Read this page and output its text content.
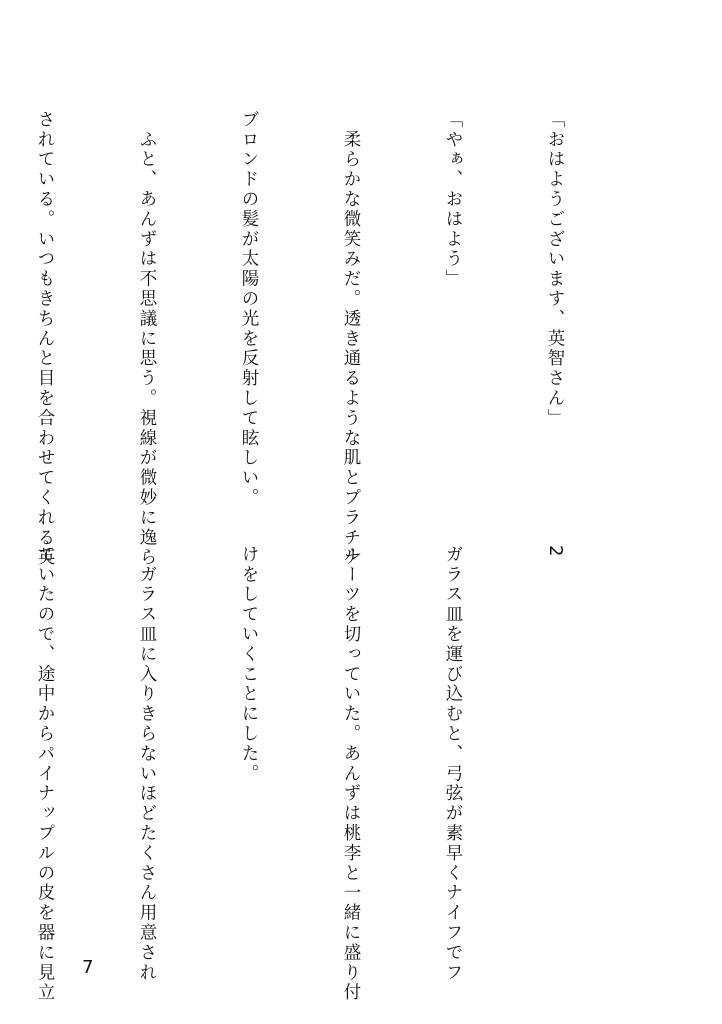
「おはようございます、英智さん」

「やぁ、おはよう」

　柔らかな微笑みだ。透き通るような肌とプラチナ

ブロンドの髪が太陽の光を反射して眩しい。

　ふと、あんずは不思議に思う。視線が微妙に逸ら

されている。いつもきちんと目を合わせてくれる英

	2

ガラス皿を運び込むと、弓弦が素早くナイフでフ

ルーツを切っていた。あんずは桃李と一緒に盛り付

けをしていくことにした。

　ガラス皿に入りきらないほどたくさん用意され

ていたので、途中からパイナップルの皮を器に見立

	7
